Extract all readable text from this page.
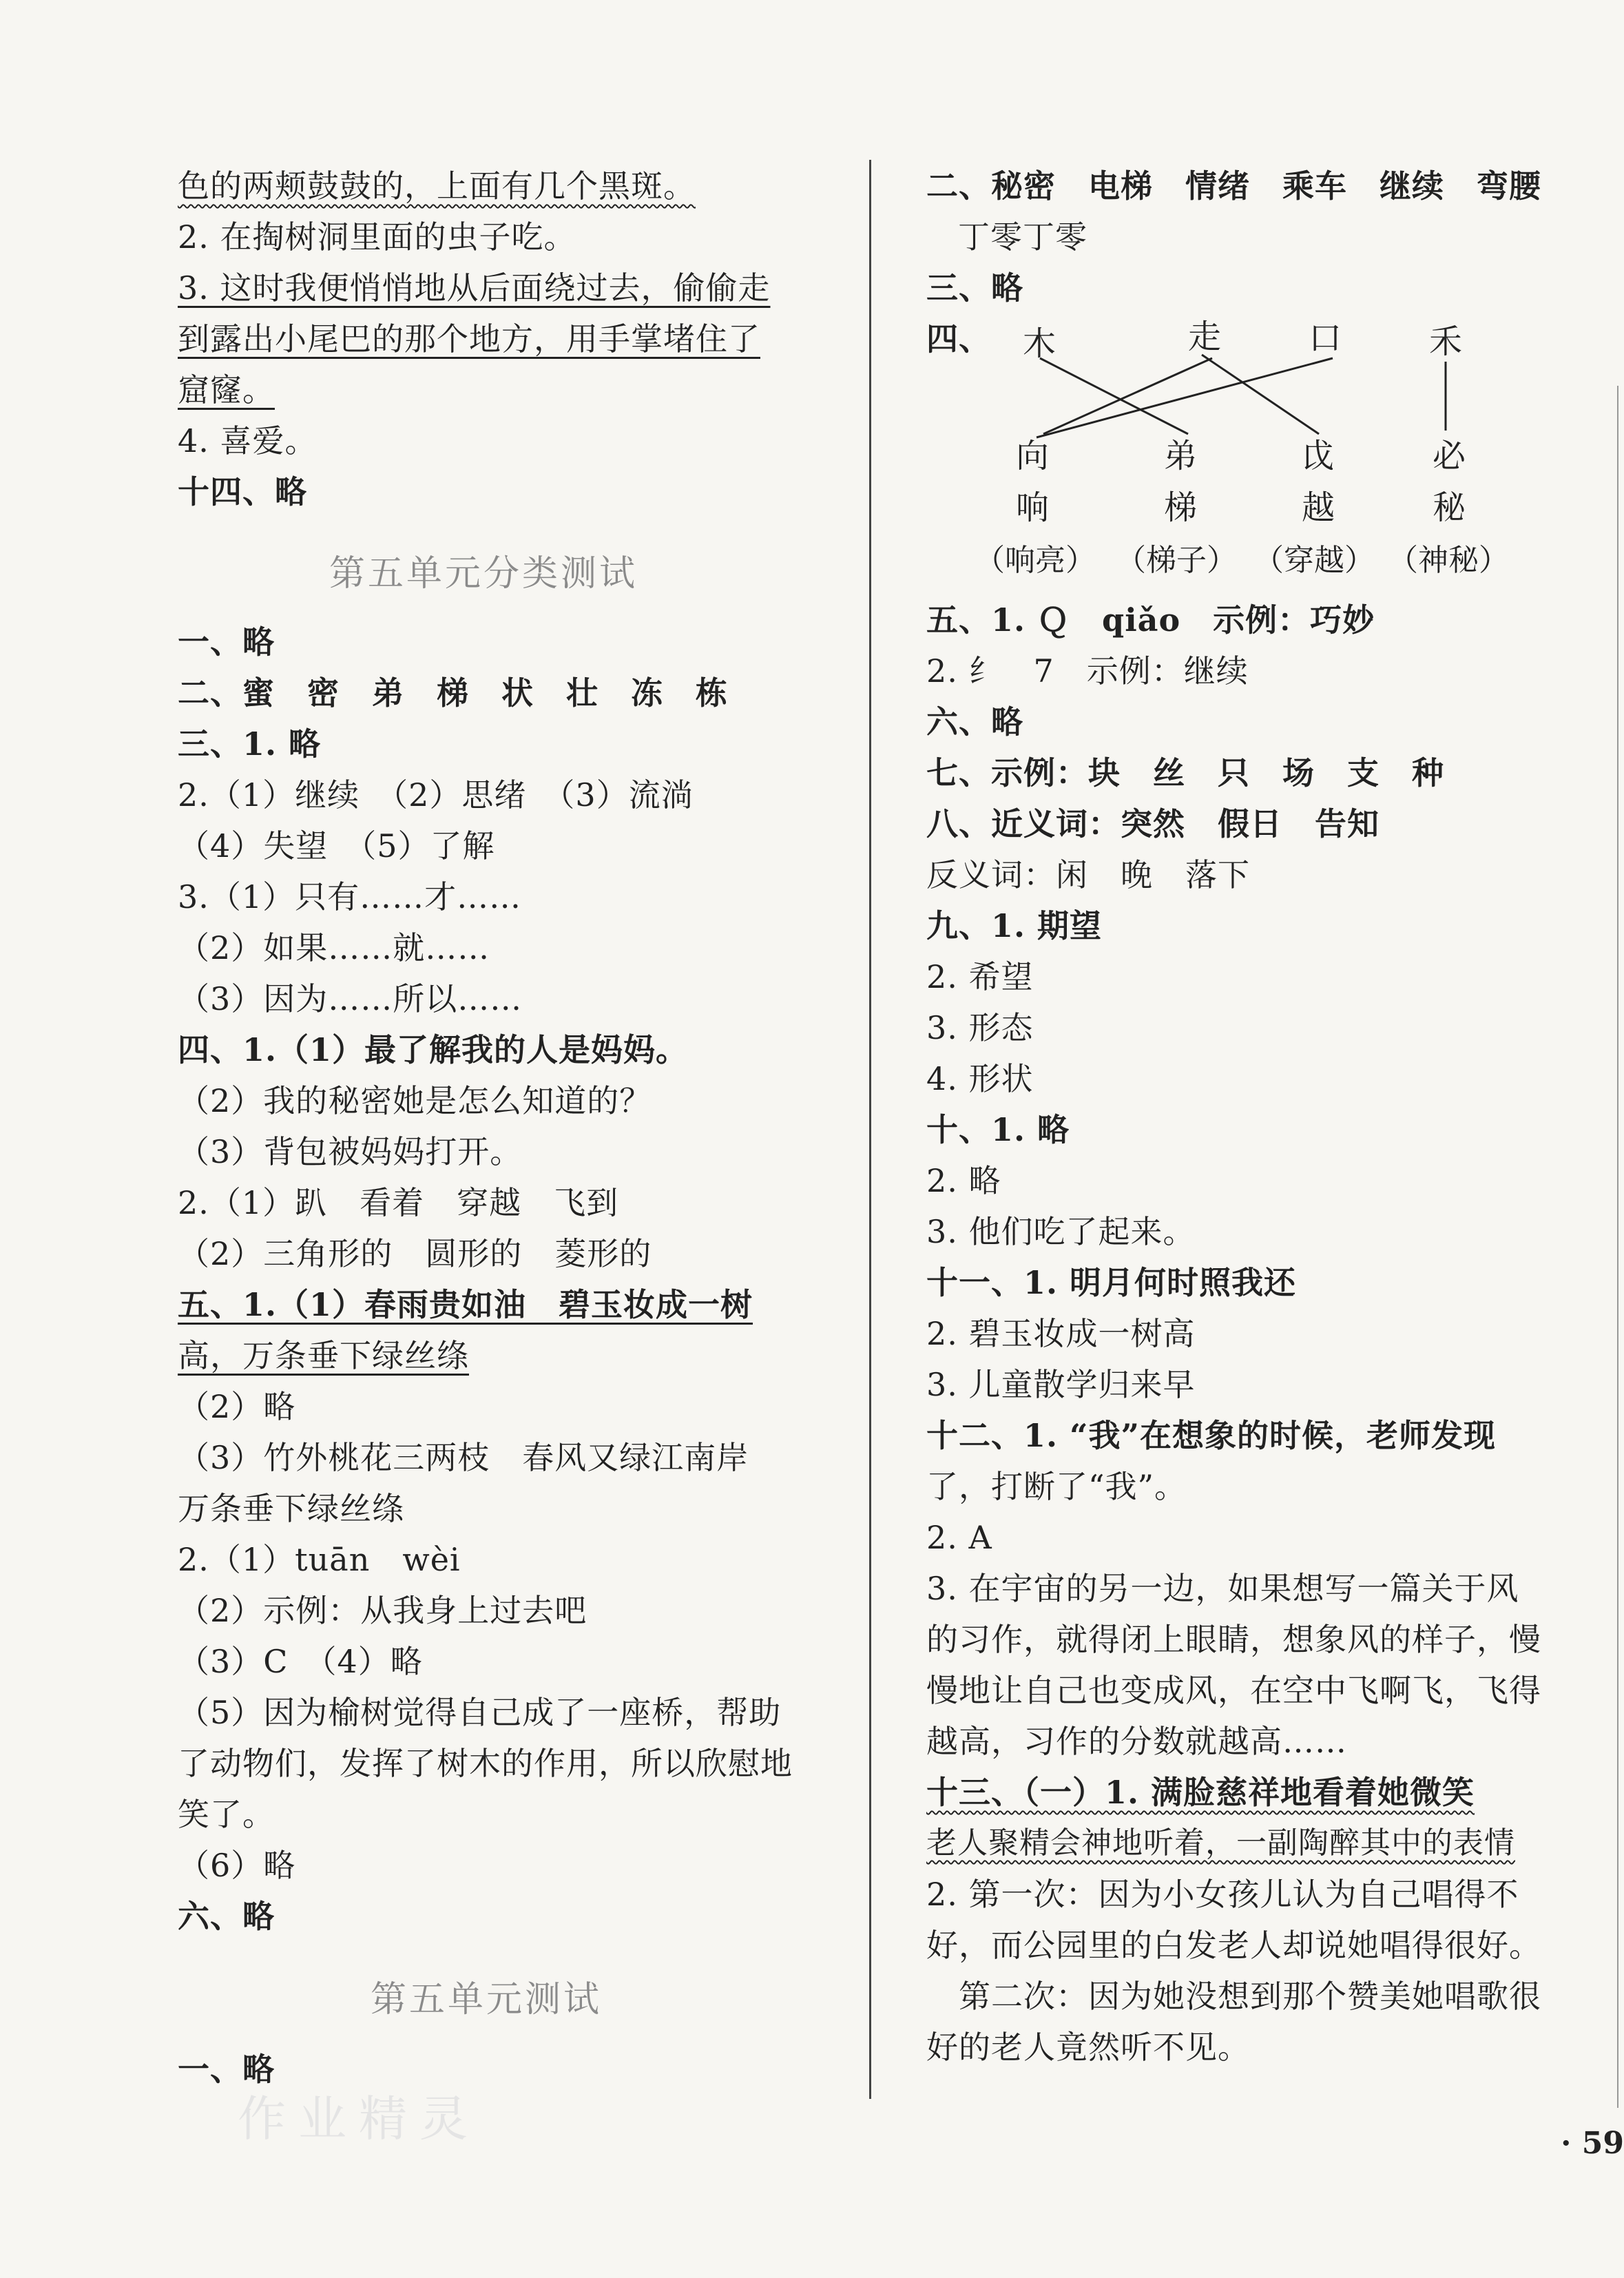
色的两颊鼓鼓的，上面有几个黑斑。
2. 在掏树洞里面的虫子吃。
3. 这时我便悄悄地从后面绕过去，偷偷走
到露出小尾巴的那个地方，用手掌堵住了
窟窿。
4. 喜爱。
十四、略
第五单元分类测试
一、略
二、蜜　密　弟　梯　状　壮　冻　栋
三、1. 略
2.（1）继续　（2）思绪　（3）流淌
（4）失望　（5）了解
3.（1）只有……才……
（2）如果……就……
（3）因为……所以……
四、1.（1）最了解我的人是妈妈。
（2）我的秘密她是怎么知道的？
（3）背包被妈妈打开。
2.（1）趴　看着　穿越　飞到
（2）三角形的　圆形的　菱形的
五、1.（1）春雨贵如油　碧玉妆成一树
高，万条垂下绿丝绦
（2）略
（3）竹外桃花三两枝　春风又绿江南岸
万条垂下绿丝绦
2.（1）tuān　wèi
（2）示例：从我身上过去吧
（3）C　（4）略
（5）因为榆树觉得自己成了一座桥，帮助
了动物们，发挥了树木的作用，所以欣慰地
笑了。
（6）略
六、略
第五单元测试
一、略
二、秘密　电梯　情绪　乘车　继续　弯腰
丁零丁零
三、略
四、 木	走	口	禾
向	弟	戉	必
响	梯	越	秘
（响亮） （梯子） （穿越） （神秘）
五、1. Ｑ　qiǎo　示例：巧妙
2. 纟　7　示例：继续
六、略
七、示例：块　丝　只　场　支　种
八、近义词：突然　假日　告知
反义词：闲　晚　落下
九、1. 期望
2. 希望
3. 形态
4. 形状
十、1. 略
2. 略
3. 他们吃了起来。
十一、1. 明月何时照我还
2. 碧玉妆成一树高
3. 儿童散学归来早
十二、1. “我”在想象的时候，老师发现
了，打断了“我”。
2. A
3. 在宇宙的另一边，如果想写一篇关于风
的习作，就得闭上眼睛，想象风的样子，慢
慢地让自己也变成风，在空中飞啊飞，飞得
越高，习作的分数就越高……
十三、（一）1. 满脸慈祥地看着她微笑
老人聚精会神地听着，一副陶醉其中的表情
2. 第一次：因为小女孩儿认为自己唱得不
好，而公园里的白发老人却说她唱得很好。
　第二次：因为她没想到那个赞美她唱歌很
好的老人竟然听不见。
· 59
作业精灵
